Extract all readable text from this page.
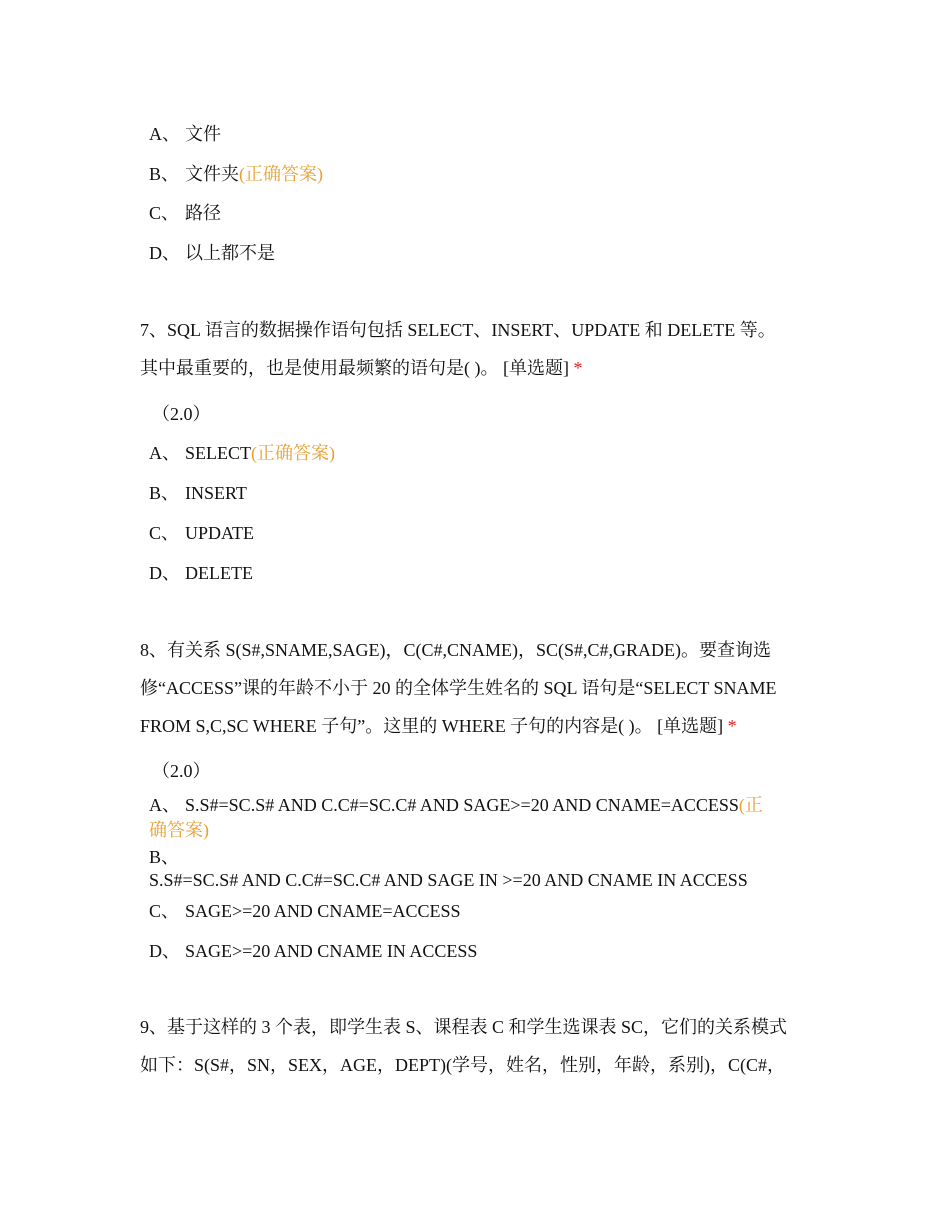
A、 文件
B、 文件夹(正确答案)
C、 路径
D、 以上都不是
7、SQL 语言的数据操作语句包括 SELECT、INSERT、UPDATE 和 DELETE 等。
其中最重要的，也是使用最频繁的语句是( )。 [单选题] *
（2.0）
A、 SELECT(正确答案)
B、 INSERT
C、 UPDATE
D、 DELETE
8、有关系 S(S#,SNAME,SAGE)，C(C#,CNAME)，SC(S#,C#,GRADE)。要查询选
修“ACCESS”课的年龄不小于 20 的全体学生姓名的 SQL 语句是“SELECT SNAME
FROM S,C,SC WHERE 子句”。这里的 WHERE 子句的内容是( )。 [单选题] *
（2.0）
A、 S.S#=SC.S# AND C.C#=SC.C# AND SAGE>=20 AND CNAME=ACCESS(正
确答案)
B、
S.S#=SC.S# AND C.C#=SC.C# AND SAGE IN >=20 AND CNAME IN ACCESS
C、 SAGE>=20 AND CNAME=ACCESS
D、 SAGE>=20 AND CNAME IN ACCESS
9、基于这样的 3 个表，即学生表 S、课程表 C 和学生选课表 SC，它们的关系模式
如下：S(S#，SN，SEX，AGE，DEPT)(学号，姓名，性别，年龄，系别)，C(C#，
